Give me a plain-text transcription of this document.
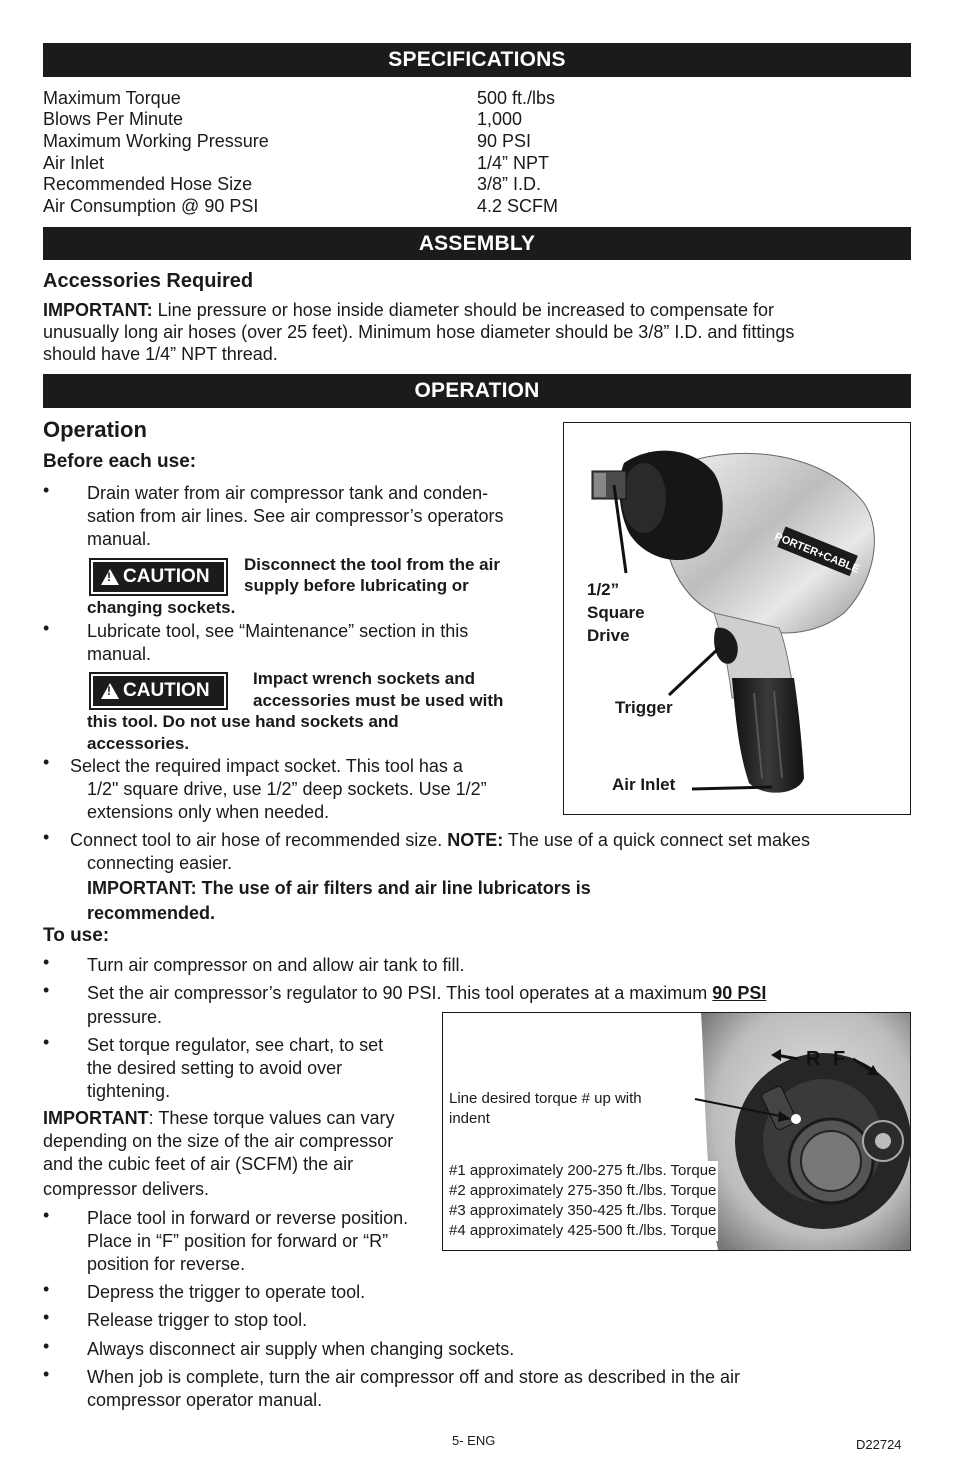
SPECIFICATIONS
Maximum Torque	500 ft./lbs
Blows Per Minute	1,000
Maximum Working Pressure	90 PSI
Air Inlet	1/4” NPT
Recommended Hose Size	3/8” I.D.
Air Consumption @ 90 PSI	4.2 SCFM
ASSEMBLY
Accessories Required
IMPORTANT: Line pressure or hose inside diameter should be increased to compensate for
unusually long air hoses (over 25 feet). Minimum hose diameter should be 3/8” I.D. and fittings
should have 1/4” NPT thread.
OPERATION
Operation
Before each use:
• Drain water from air compressor tank and conden-
sation from air lines. See air compressor’s operators
manual.
!
CAUTION
Disconnect the tool from the air
supply before lubricating or
changing sockets.
• Lubricate tool, see “Maintenance” section in this
manual.
!
CAUTION
Impact wrench sockets and
accessories must be used with
this tool. Do not use hand sockets and
accessories.
• Select the required impact socket. This tool has a
1/2" square drive, use 1/2” deep sockets. Use 1/2”
extensions only when needed.
• Connect tool to air hose of recommended size. NOTE: The use of a quick connect set makes
connecting easier.
IMPORTANT: The use of air filters and air line lubricators is
recommended.
To use:
• Turn air compressor on and allow air tank to fill.
• Set the air compressor’s regulator to 90 PSI. This tool operates at a maximum 90 PSI
pressure.
• Set torque regulator, see chart, to set
the desired setting to avoid over
tightening.
IMPORTANT: These torque values can vary
depending on the size of the air compressor
and the cubic feet of air (SCFM) the air
compressor delivers.
• Place tool in forward or reverse position.
Place in “F” position for forward or “R”
position for reverse.
• Depress the trigger to operate tool.
• Release trigger to stop tool.
• Always disconnect air supply when changing sockets.
• When job is complete, turn the air compressor off and store as described in the air
compressor operator manual.
PORTER+CABLE
1/2”
Square
Drive
Trigger
Air Inlet
R F
Line desired torque # up with
indent
#1 approximately 200-275 ft./lbs. Torque
#2 approximately 275-350 ft./lbs. Torque
#3 approximately 350-425 ft./lbs. Torque
#4 approximately 425-500 ft./lbs. Torque
5- ENG	D22724
